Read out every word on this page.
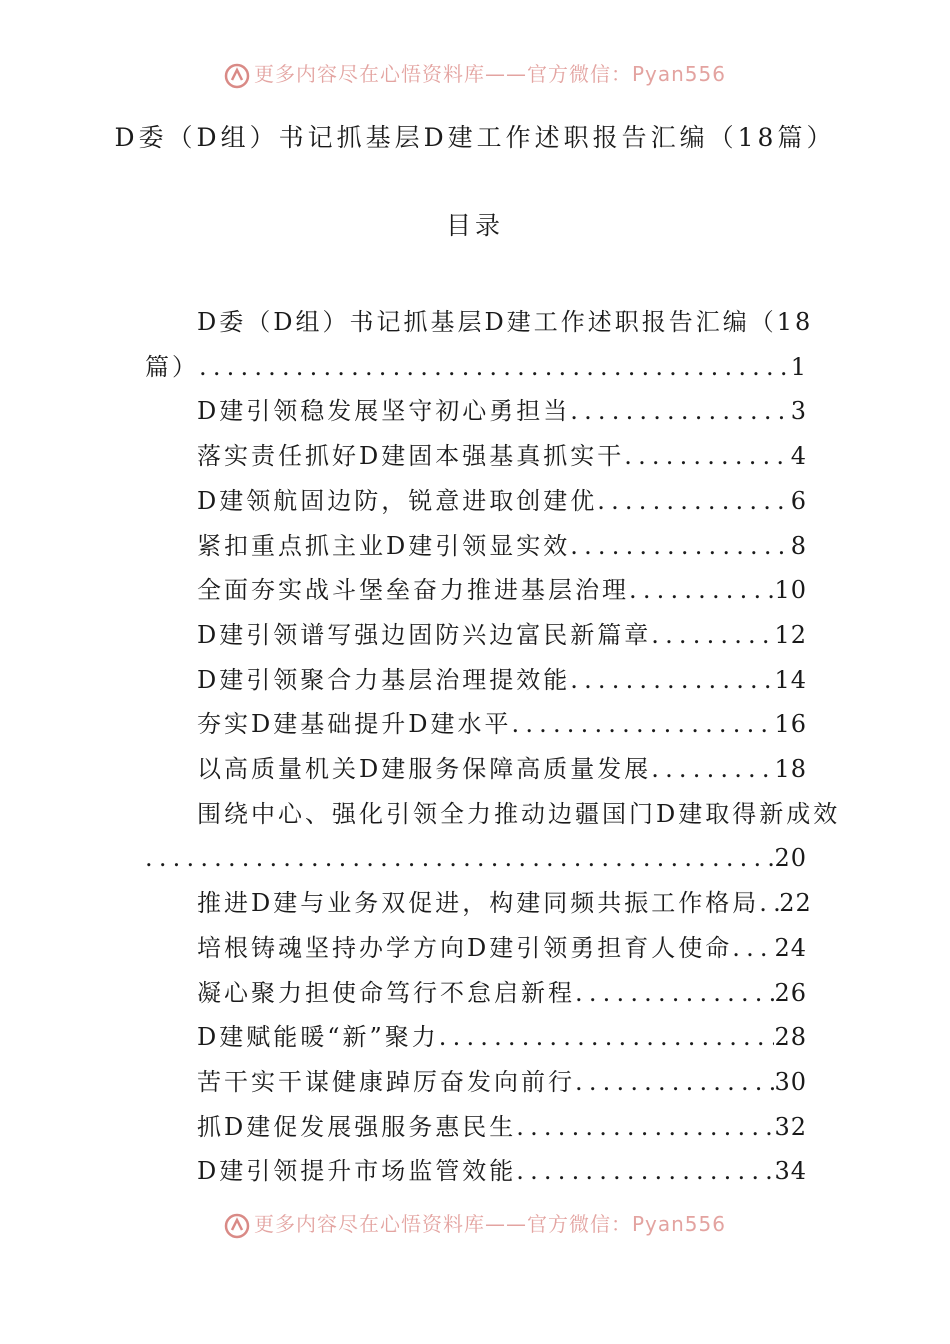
更多内容尽在心悟资料库——官方微信：Pyan556
D委（D组）书记抓基层D建工作述职报告汇编（18篇）
目录
D委（D组）书记抓基层D建工作述职报告汇编（18
篇） .....	1
D建引领稳发展坚守初心勇担当 .....	3
落实责任抓好D建固本强基真抓实干 .....	4
D建领航固边防，锐意进取创建优 .....	6
紧扣重点抓主业D建引领显实效 .....	8
全面夯实战斗堡垒奋力推进基层治理 .....	10
D建引领谱写强边固防兴边富民新篇章 .....	12
D建引领聚合力基层治理提效能 .....	14
夯实D建基础提升D建水平 .....	16
以高质量机关D建服务保障高质量发展 .....	18
围绕中心、强化引领全力推动边疆国门D建取得新成效
.....
20
推进D建与业务双促进，构建同频共振工作格局 ..... 22
培根铸魂坚持办学方向D建引领勇担育人使命 ..... 24
凝心聚力担使命笃行不怠启新程 .....	26
D建赋能暖“新”聚力 .....	28
苦干实干谋健康踔厉奋发向前行 .....	30
抓D建促发展强服务惠民生 .....	32
D建引领提升市场监管效能 .....	34
更多内容尽在心悟资料库——官方微信：Pyan556
